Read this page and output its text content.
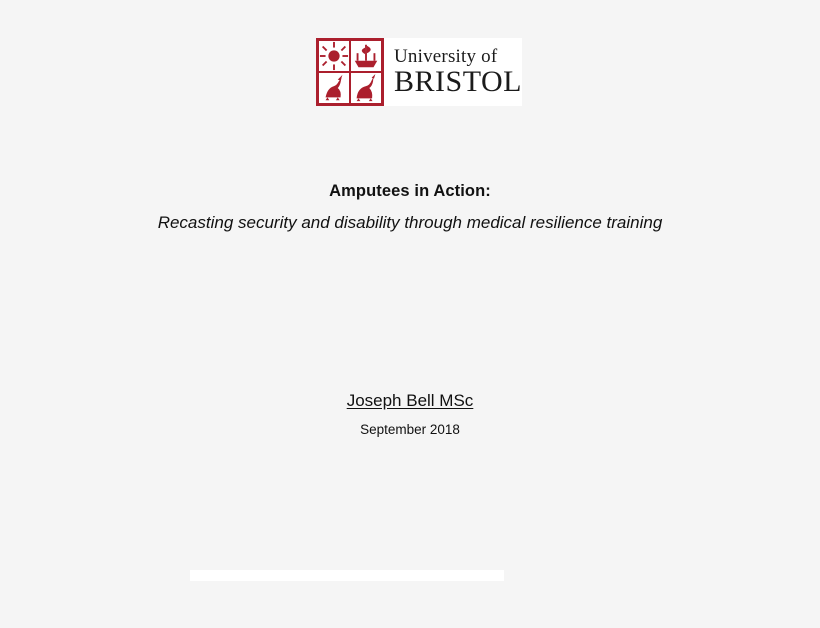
University of
BRISTOL
Amputees in Action:
Recasting security and disability through medical resilience training
Joseph Bell MSc
September 2018
